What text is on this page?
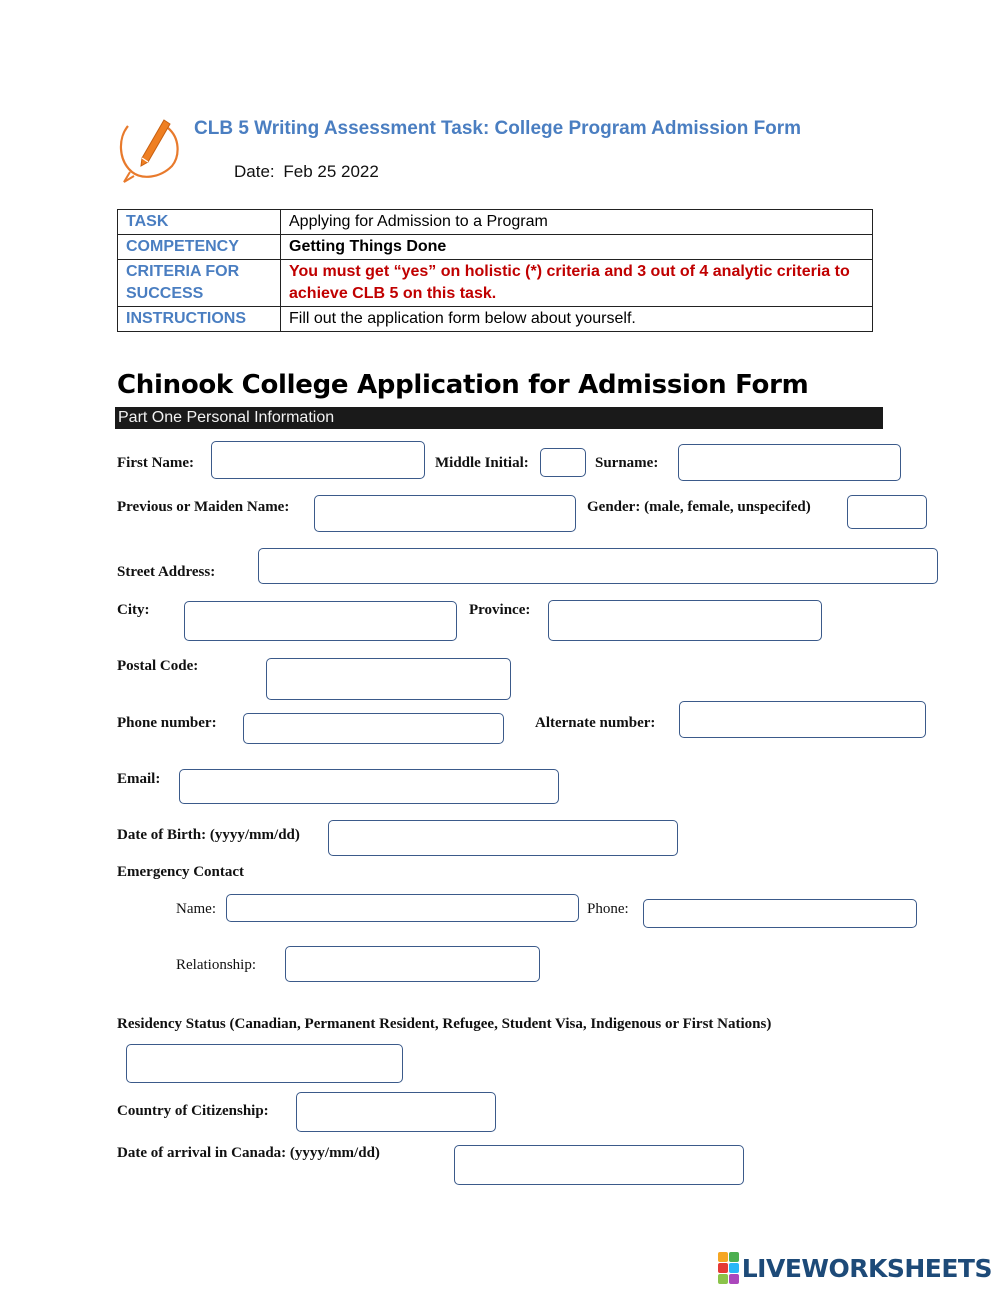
CLB 5 Writing Assessment Task: College Program Admission Form
Date: Feb 25 2022
TASK	Applying for Admission to a Program
COMPETENCY	Getting Things Done
CRITERIA FOR SUCCESS	You must get “yes” on holistic (*) criteria and 3 out of 4 analytic criteria to achieve CLB 5 on this task.
INSTRUCTIONS	Fill out the application form below about yourself.
Chinook College Application for Admission Form
Part One Personal Information
First Name:	Middle Initial:	Surname:
Previous or Maiden Name:	Gender: (male, female, unspecifed)
Street Address:
City:	Province:
Postal Code:
Phone number:	Alternate number:
Email:
Date of Birth: (yyyy/mm/dd)
Emergency Contact
Name:	Phone:
Relationship:
Residency Status (Canadian, Permanent Resident, Refugee, Student Visa, Indigenous or First Nations)
Country of Citizenship:
Date of arrival in Canada: (yyyy/mm/dd)
LIVEWORKSHEETS
